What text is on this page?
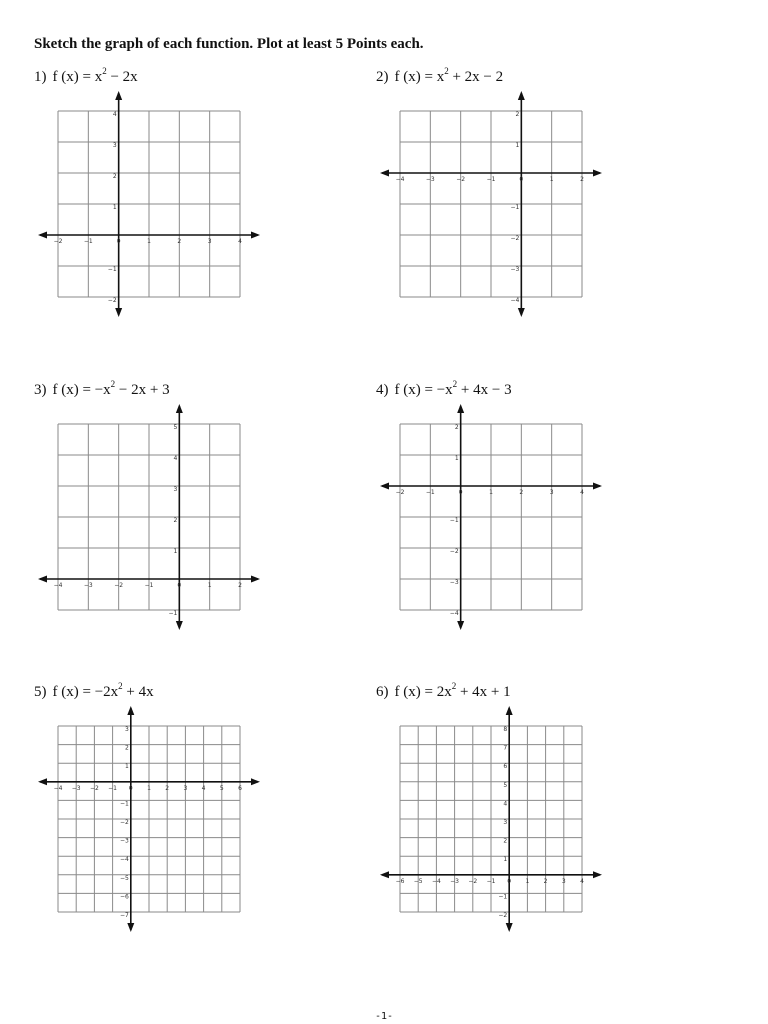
Sketch the graph of each function. Plot at least 5 Points each.
1) f $(x) = x^2 - 2x$
−2	−1	0	1	2	3	4
4
3
2
1
−1
−2
2) f $(x) = x^2 + 2x - 2$
−4	−3	−2	−1	0	1	2
2
1
−1
−2
−3
−4
3) f $(x) = -x^2 - 2x + 3$
−4	−3	−2	−1	0	1	2
5
4
3
2
1
−1
4) f $(x) = -x^2 + 4x - 3$
−2	−1	0	1	2	3	4
2
1
−1
−2
−3
−4
5) f $(x) = -2x^2 + 4x$
−4 −3 −2 −1 0 1 2 3 4 5 6
3
2
1
−1
−2
−3
−4
−5
−6
−7
6) f $(x) = 2x^2 + 4x + 1$
−6 −5 −4 −3 −2 −1 0 1 2 3 4
8
7
6
5
4
3
2
1
−1
−2
-1-
